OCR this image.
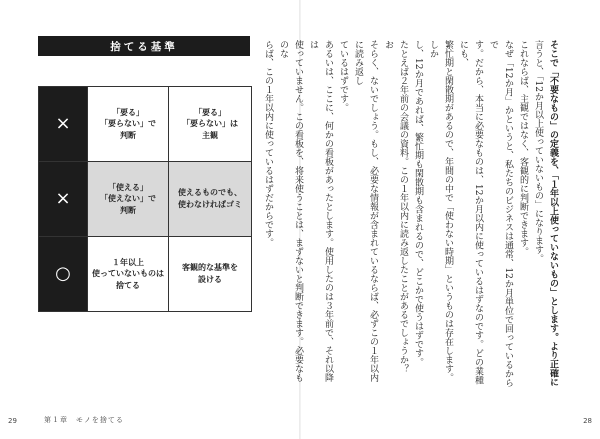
捨てる基準
×
「要る」
「要らない」で
判断
「要る」
「要らない」は
主観
×
「使える」
「使えない」で
判断
使えるものでも、
使わなければゴミ
○
１年以上
使っていないものは
捨てる
客観的な基準を
設ける
29	第１章　モノを捨てる
そこで「不要なもの」の定義を、「１年以上使っていないもの」とします。より正確に
言うと、「12か月以上使っていないもの」になります。
これならば、主観ではなく、客観的に判断できます。
なぜ「12か月」かというと、私たちのビジネスは通常、12か月単位で回っているからで
す。だから、本当に必要なものは、12か月以内に使っているはずなのです。どの業種にも、
繁忙期と閑散期があるので、年間の中で「使わない時期」というものは存在します。しか
し、12か月であれば、繁忙期も閑散期も含まれるので、どこかで使うはずです。
たとえば２年前の会議の資料。この１年以内に読み返したことがあるでしょうか？　お
そらく、ないでしょう。もし、必要な情報が含まれているならば、必ずこの１年以内に読み返し
ているはずです。
あるいは、ここに、何かの看板があったとします。使用したのは３年前で、それ以降は
使っていません。この看板を、将来使うことは、まずないと判断できます。必要なものな
らば、この１年以内に使っているはずだからです。
28
